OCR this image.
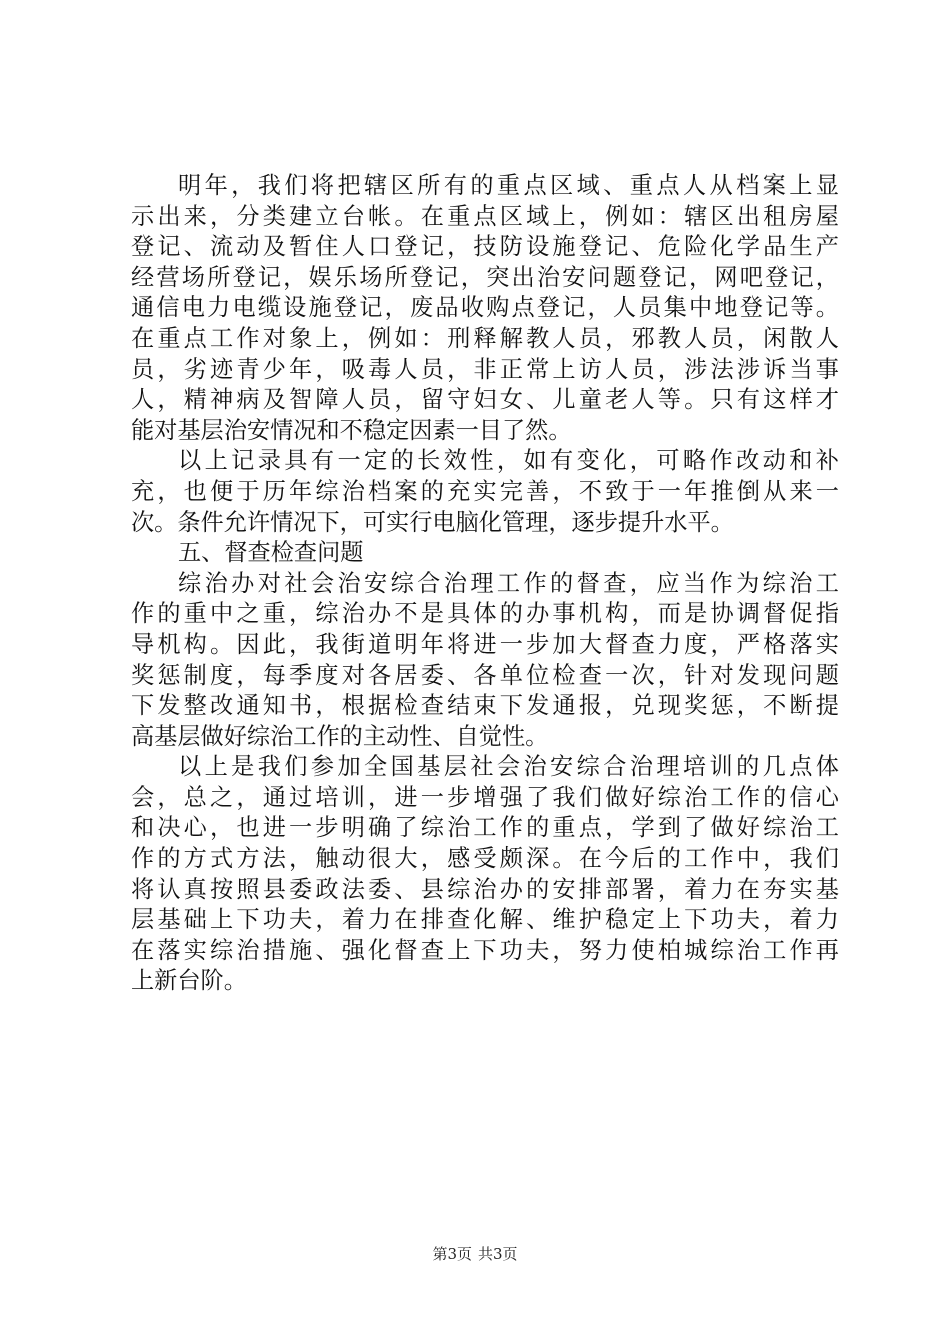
明年，我们将把辖区所有的重点区域、重点人从档案上显
示出来，分类建立台帐。在重点区域上，例如：辖区出租房屋
登记、流动及暂住人口登记，技防设施登记、危险化学品生产
经营场所登记，娱乐场所登记，突出治安问题登记，网吧登记，
通信电力电缆设施登记，废品收购点登记，人员集中地登记等。
在重点工作对象上，例如：刑释解教人员，邪教人员，闲散人
员，劣迹青少年，吸毒人员，非正常上访人员，涉法涉诉当事
人，精神病及智障人员，留守妇女、儿童老人等。只有这样才
能对基层治安情况和不稳定因素一目了然。
以上记录具有一定的长效性，如有变化，可略作改动和补
充，也便于历年综治档案的充实完善，不致于一年推倒从来一
次。条件允许情况下，可实行电脑化管理，逐步提升水平。
五、督查检查问题
综治办对社会治安综合治理工作的督查，应当作为综治工
作的重中之重，综治办不是具体的办事机构，而是协调督促指
导机构。因此，我街道明年将进一步加大督查力度，严格落实
奖惩制度，每季度对各居委、各单位检查一次，针对发现问题
下发整改通知书，根据检查结束下发通报，兑现奖惩，不断提
高基层做好综治工作的主动性、自觉性。
以上是我们参加全国基层社会治安综合治理培训的几点体
会，总之，通过培训，进一步增强了我们做好综治工作的信心
和决心，也进一步明确了综治工作的重点，学到了做好综治工
作的方式方法，触动很大，感受颇深。在今后的工作中，我们
将认真按照县委政法委、县综治办的安排部署，着力在夯实基
层基础上下功夫，着力在排查化解、维护稳定上下功夫，着力
在落实综治措施、强化督查上下功夫，努力使柏城综治工作再
上新台阶。
第3页 共3页
